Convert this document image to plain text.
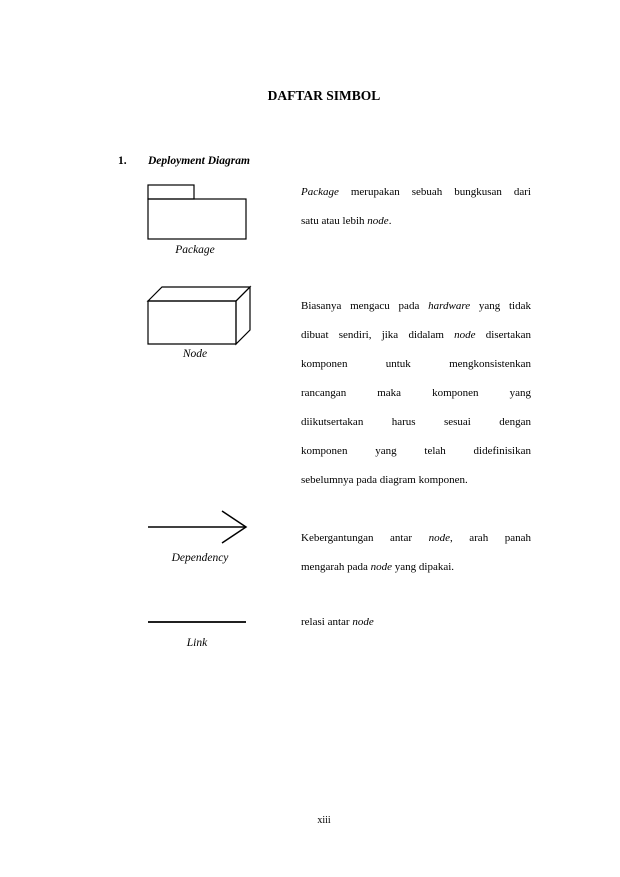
DAFTAR SIMBOL
1. Deployment Diagram
Package
Package merupakan sebuah bungkusan dari
satu atau lebih node.
Node
Biasanya mengacu pada hardware yang tidak
dibuat sendiri, jika didalam node disertakan
komponen untuk mengkonsistenkan
rancangan maka komponen yang
diikutsertakan harus sesuai dengan
komponen yang telah didefinisikan
sebelumnya pada diagram komponen.
Dependency
Kebergantungan antar node, arah panah
mengarah pada node yang dipakai.
Link
relasi antar node
xiii
